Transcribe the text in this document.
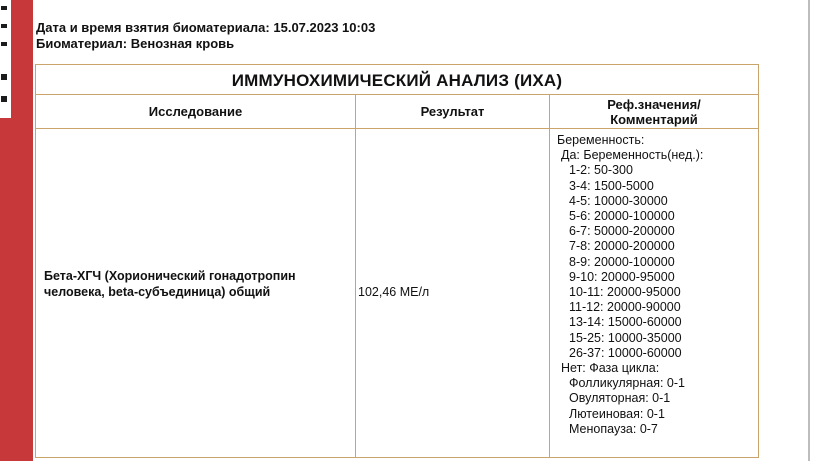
Дата и время взятия биоматериала: 15.07.2023 10:03
Биоматериал: Венозная кровь
ИММУНОХИМИЧЕСКИЙ АНАЛИЗ (ИХА)
Исследование	Результат	Реф.значения/
Комментарий
Бета-ХГЧ (Хорионический гонадотропин человека, beta-субъединица) общий	102,46 МЕ/л
Беременность:
Да: Беременность(нед.):
1-2: 50-300
3-4: 1500-5000
4-5: 10000-30000
5-6: 20000-100000
6-7: 50000-200000
7-8: 20000-200000
8-9: 20000-100000
9-10: 20000-95000
10-11: 20000-95000
11-12: 20000-90000
13-14: 15000-60000
15-25: 10000-35000
26-37: 10000-60000
Нет: Фаза цикла:
Фолликулярная: 0-1
Овуляторная: 0-1
Лютеиновая: 0-1
Менопауза: 0-7
